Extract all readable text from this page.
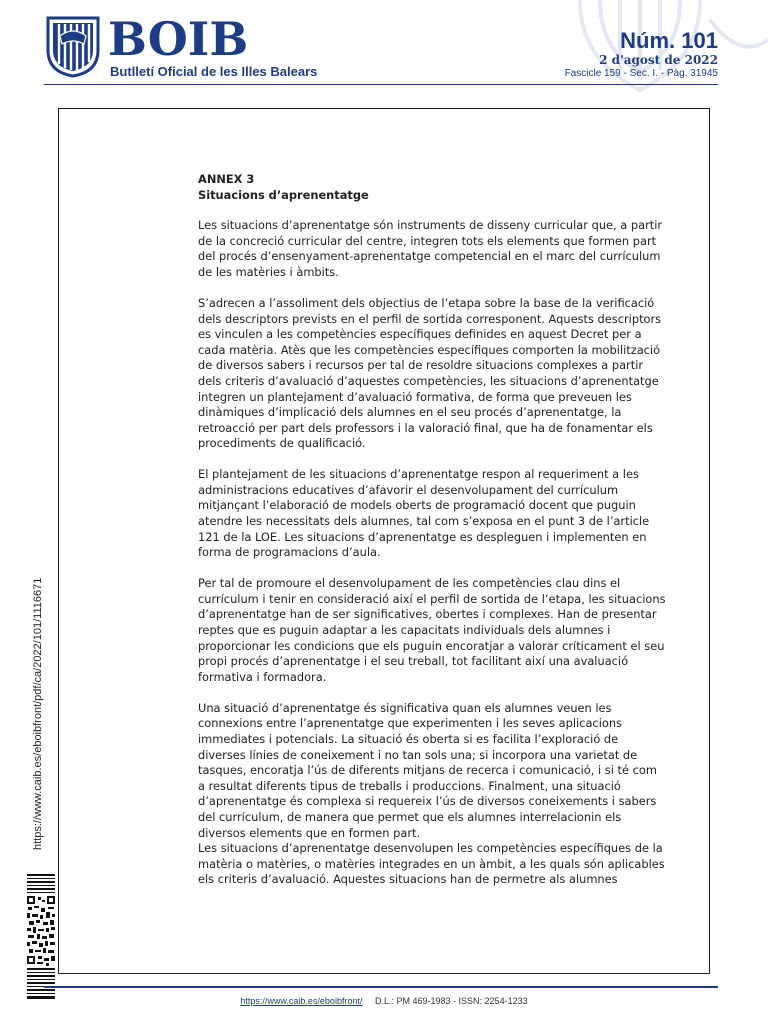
BOIB
Butlletí Oficial de les Illes Balears
Núm. 101
2 d'agost de 2022
Fascicle 159 - Sec. I. - Pàg. 31945
ANNEX 3
Situacions d’aprenentatge

Les situacions d’aprenentatge són instruments de disseny curricular que, a partir de la concreció curricular del centre, integren tots els elements que formen part del procés d’ensenyament-aprenentatge competencial en el marc del currículum de les matèries i àmbits.

S’adrecen a l’assoliment dels objectius de l’etapa sobre la base de la verificació dels descriptors prevists en el perfil de sortida corresponent. Aquests descriptors es vinculen a les competències específiques definides en aquest Decret per a cada matèria. Atès que les competències específiques comporten la mobilització de diversos sabers i recursos per tal de resoldre situacions complexes a partir dels criteris d’avaluació d’aquestes competències, les situacions d’aprenentatge integren un plantejament d’avaluació formativa, de forma que preveuen les dinàmiques d’implicació dels alumnes en el seu procés d’aprenentatge, la retroacció per part dels professors i la valoració final, que ha de fonamentar els procediments de qualificació.

El plantejament de les situacions d’aprenentatge respon al requeriment a les administracions educatives d’afavorir el desenvolupament del currículum mitjançant l’elaboració de models oberts de programació docent que puguin atendre les necessitats dels alumnes, tal com s’exposa en el punt 3 de l’article 121 de la LOE. Les situacions d’aprenentatge es despleguen i implementen en forma de programacions d’aula.

Per tal de promoure el desenvolupament de les competències clau dins el currículum i tenir en consideració així el perfil de sortida de l’etapa, les situacions d’aprenentatge han de ser significatives, obertes i complexes. Han de presentar reptes que es puguin adaptar a les capacitats individuals dels alumnes i proporcionar les condicions que els puguin encoratjar a valorar críticament el seu propi procés d’aprenentatge i el seu treball, tot facilitant així una avaluació formativa i formadora.

Una situació d’aprenentatge és significativa quan els alumnes veuen les connexions entre l’aprenentatge que experimenten i les seves aplicacions immediates i potencials. La situació és oberta si es facilita l’exploració de diverses línies de coneixement i no tan sols una; si incorpora una varietat de tasques, encoratja l’ús de diferents mitjans de recerca i comunicació, i si té com a resultat diferents tipus de treballs i produccions. Finalment, una situació d’aprenentatge és complexa si requereix l’ús de diversos coneixements i sabers del currículum, de manera que permet que els alumnes interrelacionin els diversos elements que en formen part.

Les situacions d’aprenentatge desenvolupen les competències específiques de la matèria o matèries, o matèries integrades en un àmbit, a les quals són aplicables els criteris d’avaluació. Aquestes situacions han de permetre als alumnes

https://www.caib.es/eboibfront/pdf/ca/2022/101/1116671
https://www.caib.es/eboibfront/ D.L.: PM 469-1983 - ISSN: 2254-1233
